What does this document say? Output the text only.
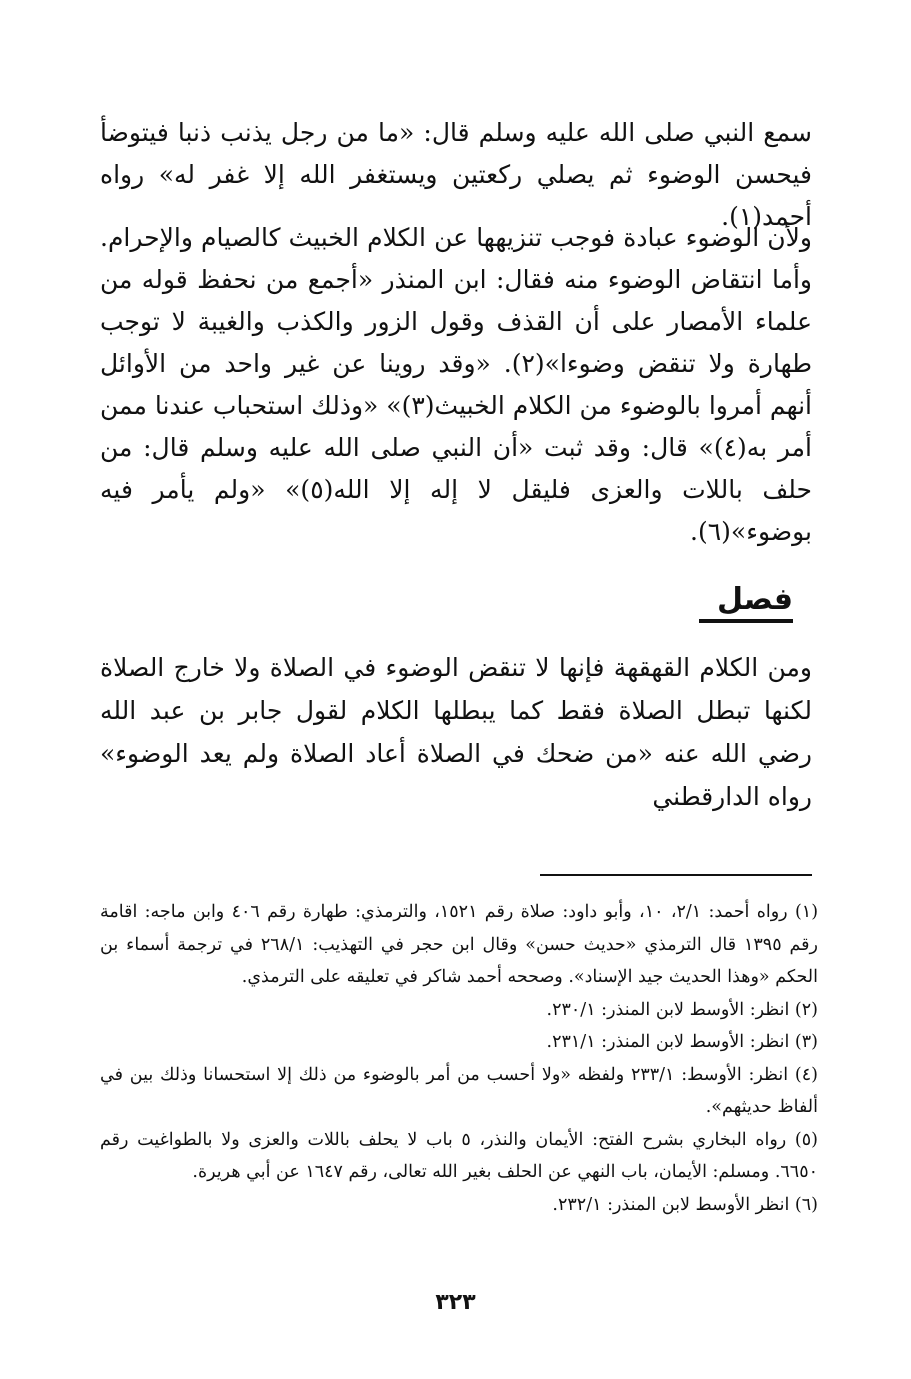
سمع النبي صلى الله عليه وسلم قال: «ما من رجل يذنب ذنبا فيتوضأ فيحسن الوضوء ثم يصلي ركعتين ويستغفر الله إلا غفر له» رواه أحمد(١).

ولأن الوضوء عبادة فوجب تنزيهها عن الكلام الخبيث كالصيام والإحرام. وأما انتقاض الوضوء منه فقال: ابن المنذر «أجمع من نحفظ قوله من علماء الأمصار على أن القذف وقول الزور والكذب والغيبة لا توجب طهارة ولا تنقض وضوءا»(٢). «وقد روينا عن غير واحد من الأوائل أنهم أمروا بالوضوء من الكلام الخبيث(٣)» «وذلك استحباب عندنا ممن أمر به(٤)» قال: وقد ثبت «أن النبي صلى الله عليه وسلم قال: من حلف باللات والعزى فليقل لا إله إلا الله(٥)» «ولم يأمر فيه بوضوء»(٦).

فصل

ومن الكلام القهقهة فإنها لا تنقض الوضوء في الصلاة ولا خارج الصلاة لكنها تبطل الصلاة فقط كما يبطلها الكلام لقول جابر بن عبد الله رضي الله عنه «من ضحك في الصلاة أعاد الصلاة ولم يعد الوضوء» رواه الدارقطني

(١) رواه أحمد: ٢/١، ١٠، وأبو داود: صلاة رقم ١٥٢١، والترمذي: طهارة رقم ٤٠٦ وابن ماجه: اقامة رقم ١٣٩٥ قال الترمذي «حديث حسن» وقال ابن حجر في التهذيب: ٢٦٨/١ في ترجمة أسماء بن الحكم «وهذا الحديث جيد الإسناد». وصححه أحمد شاكر في تعليقه على الترمذي.

(٢) انظر: الأوسط لابن المنذر: ٢٣٠/١.

(٣) انظر: الأوسط لابن المنذر: ٢٣١/١.

(٤) انظر: الأوسط: ٢٣٣/١ ولفظه «ولا أحسب من أمر بالوضوء من ذلك إلا استحسانا وذلك بين في ألفاظ حديثهم».

(٥) رواه البخاري بشرح الفتح: الأيمان والنذر، ٥ باب لا يحلف باللات والعزى ولا بالطواغيت رقم ٦٦٥٠. ومسلم: الأيمان، باب النهي عن الحلف بغير الله تعالى، رقم ١٦٤٧ عن أبي هريرة.

(٦) انظر الأوسط لابن المنذر: ٢٣٢/١.

٣٢٣
